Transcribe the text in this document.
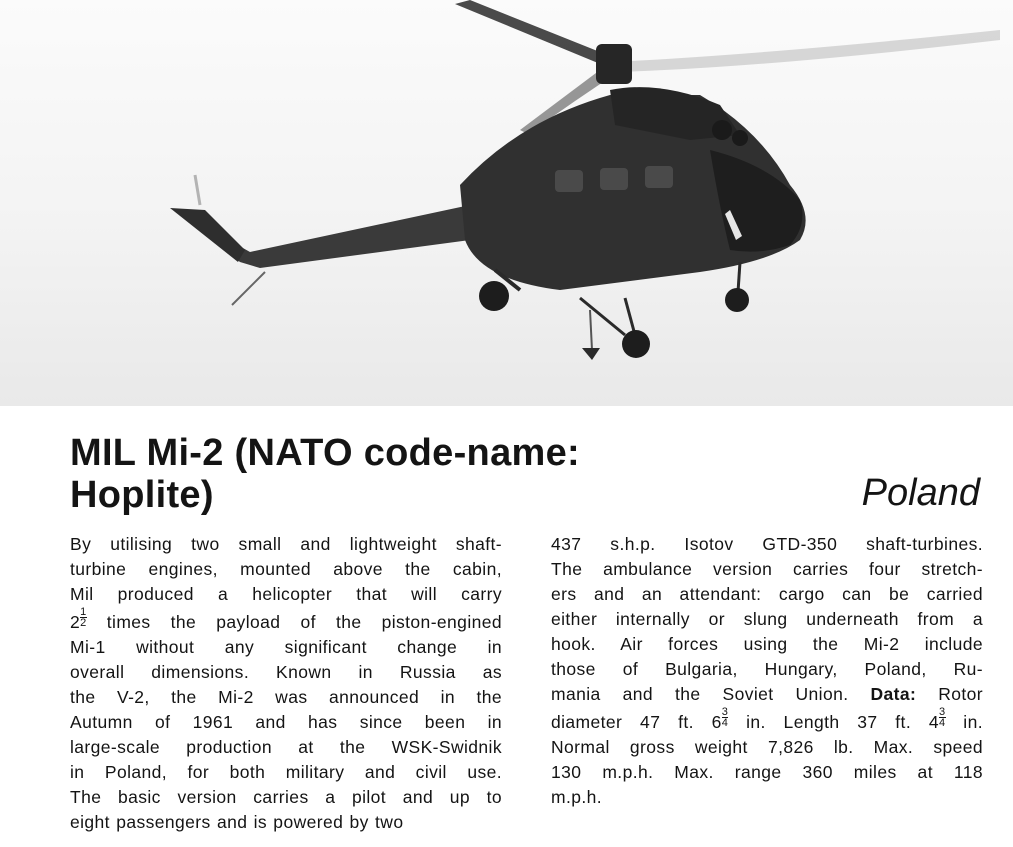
MIL Mi-2 (NATO code-name:
Hoplite)	Poland
By utilising two small and lightweight shaft-
turbine engines, mounted above the cabin,
Mil produced a helicopter that will carry
$2 \frac{1}{2}$ times the payload of the piston-engined
Mi-1 without any significant change in
overall dimensions. Known in Russia as
the V-2, the Mi-2 was announced in the
Autumn of 1961 and has since been in
large-scale production at the WSK-Swidnik
in Poland, for both military and civil use.
The basic version carries a pilot and up to
eight passengers and is powered by two
437 s.h.p. Isotov GTD-350 shaft-turbines.
The ambulance version carries four stretch-
ers and an attendant: cargo can be carried
either internally or slung underneath from a
hook. Air forces using the Mi-2 include
those of Bulgaria, Hungary, Poland, Ru-
mania and the Soviet Union. Data: Rotor
diameter 47 ft. $6 \frac{3}{4}$ in. Length 37 ft. $4 \frac{3}{4}$ in.
Normal gross weight 7,826 lb. Max. speed
130 m.p.h. Max. range 360 miles at 118
m.p.h.
